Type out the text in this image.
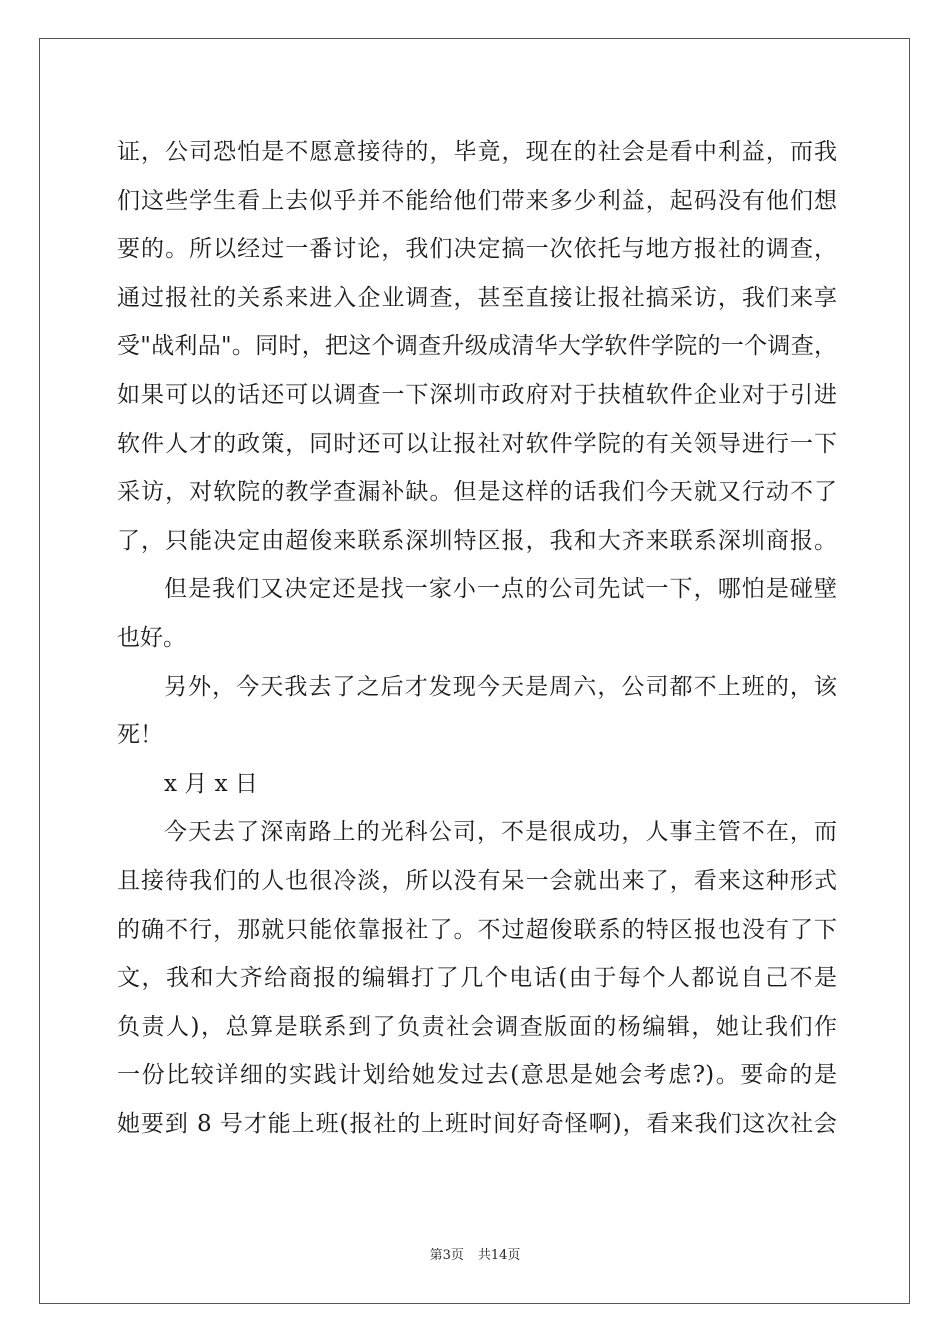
证，公司恐怕是不愿意接待的，毕竟，现在的社会是看中利益，而我
们这些学生看上去似乎并不能给他们带来多少利益，起码没有他们想
要的。所以经过一番讨论，我们决定搞一次依托与地方报社的调查，
通过报社的关系来进入企业调查，甚至直接让报社搞采访，我们来享
受"战利品"。同时，把这个调查升级成清华大学软件学院的一个调查，
如果可以的话还可以调查一下深圳市政府对于扶植软件企业对于引进
软件人才的政策，同时还可以让报社对软件学院的有关领导进行一下
采访，对软院的教学查漏补缺。但是这样的话我们今天就又行动不了
了，只能决定由超俊来联系深圳特区报，我和大齐来联系深圳商报。
但是我们又决定还是找一家小一点的公司先试一下，哪怕是碰壁
也好。
另外，今天我去了之后才发现今天是周六，公司都不上班的，该
死！
x 月 x 日
今天去了深南路上的光科公司，不是很成功，人事主管不在，而
且接待我们的人也很冷淡，所以没有呆一会就出来了，看来这种形式
的确不行，那就只能依靠报社了。不过超俊联系的特区报也没有了下
文，我和大齐给商报的编辑打了几个电话(由于每个人都说自己不是
负责人)，总算是联系到了负责社会调查版面的杨编辑，她让我们作
一份比较详细的实践计划给她发过去(意思是她会考虑?)。要命的是
她要到 8 号才能上班(报社的上班时间好奇怪啊)，看来我们这次社会
第3页 共14页
